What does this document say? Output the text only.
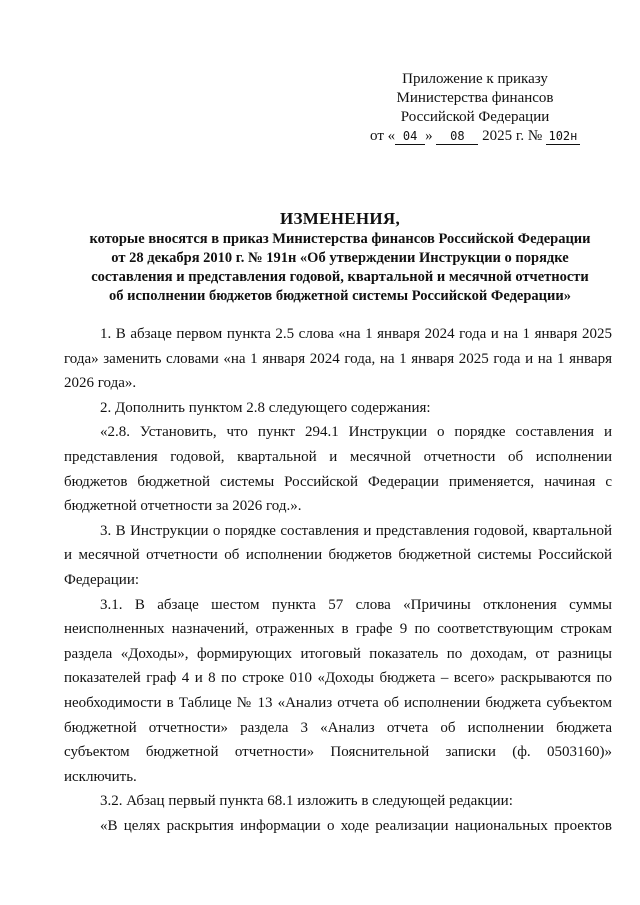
Приложение к приказу
Министерства финансов
Российской Федерации
от « 04 » 08 2025 г. № 102н
ИЗМЕНЕНИЯ,
которые вносятся в приказ Министерства финансов Российской Федерации
от 28 декабря 2010 г. № 191н «Об утверждении Инструкции о порядке
составления и представления годовой, квартальной и месячной отчетности
об исполнении бюджетов бюджетной системы Российской Федерации»

1. В абзаце первом пункта 2.5 слова «на 1 января 2024 года и на 1 января 2025 года» заменить словами «на 1 января 2024 года, на 1 января 2025 года и на 1 января 2026 года».

2. Дополнить пунктом 2.8 следующего содержания:

«2.8. Установить, что пункт 294.1 Инструкции о порядке составления и представления годовой, квартальной и месячной отчетности об исполнении бюджетов бюджетной системы Российской Федерации применяется, начиная с бюджетной отчетности за 2026 год.».

3. В Инструкции о порядке составления и представления годовой, квартальной и месячной отчетности об исполнении бюджетов бюджетной системы Российской Федерации:

3.1. В абзаце шестом пункта 57 слова «Причины отклонения суммы неисполненных назначений, отраженных в графе 9 по соответствующим строкам раздела «Доходы», формирующих итоговый показатель по доходам, от разницы показателей граф 4 и 8 по строке 010 «Доходы бюджета – всего» раскрываются по необходимости в Таблице № 13 «Анализ отчета об исполнении бюджета субъектом бюджетной отчетности» раздела 3 «Анализ отчета об исполнении бюджета субъектом бюджетной отчетности» Пояснительной записки (ф. 0503160)» исключить.

3.2. Абзац первый пункта 68.1 изложить в следующей редакции:

«В целях раскрытия информации о ходе реализации национальных проектов
